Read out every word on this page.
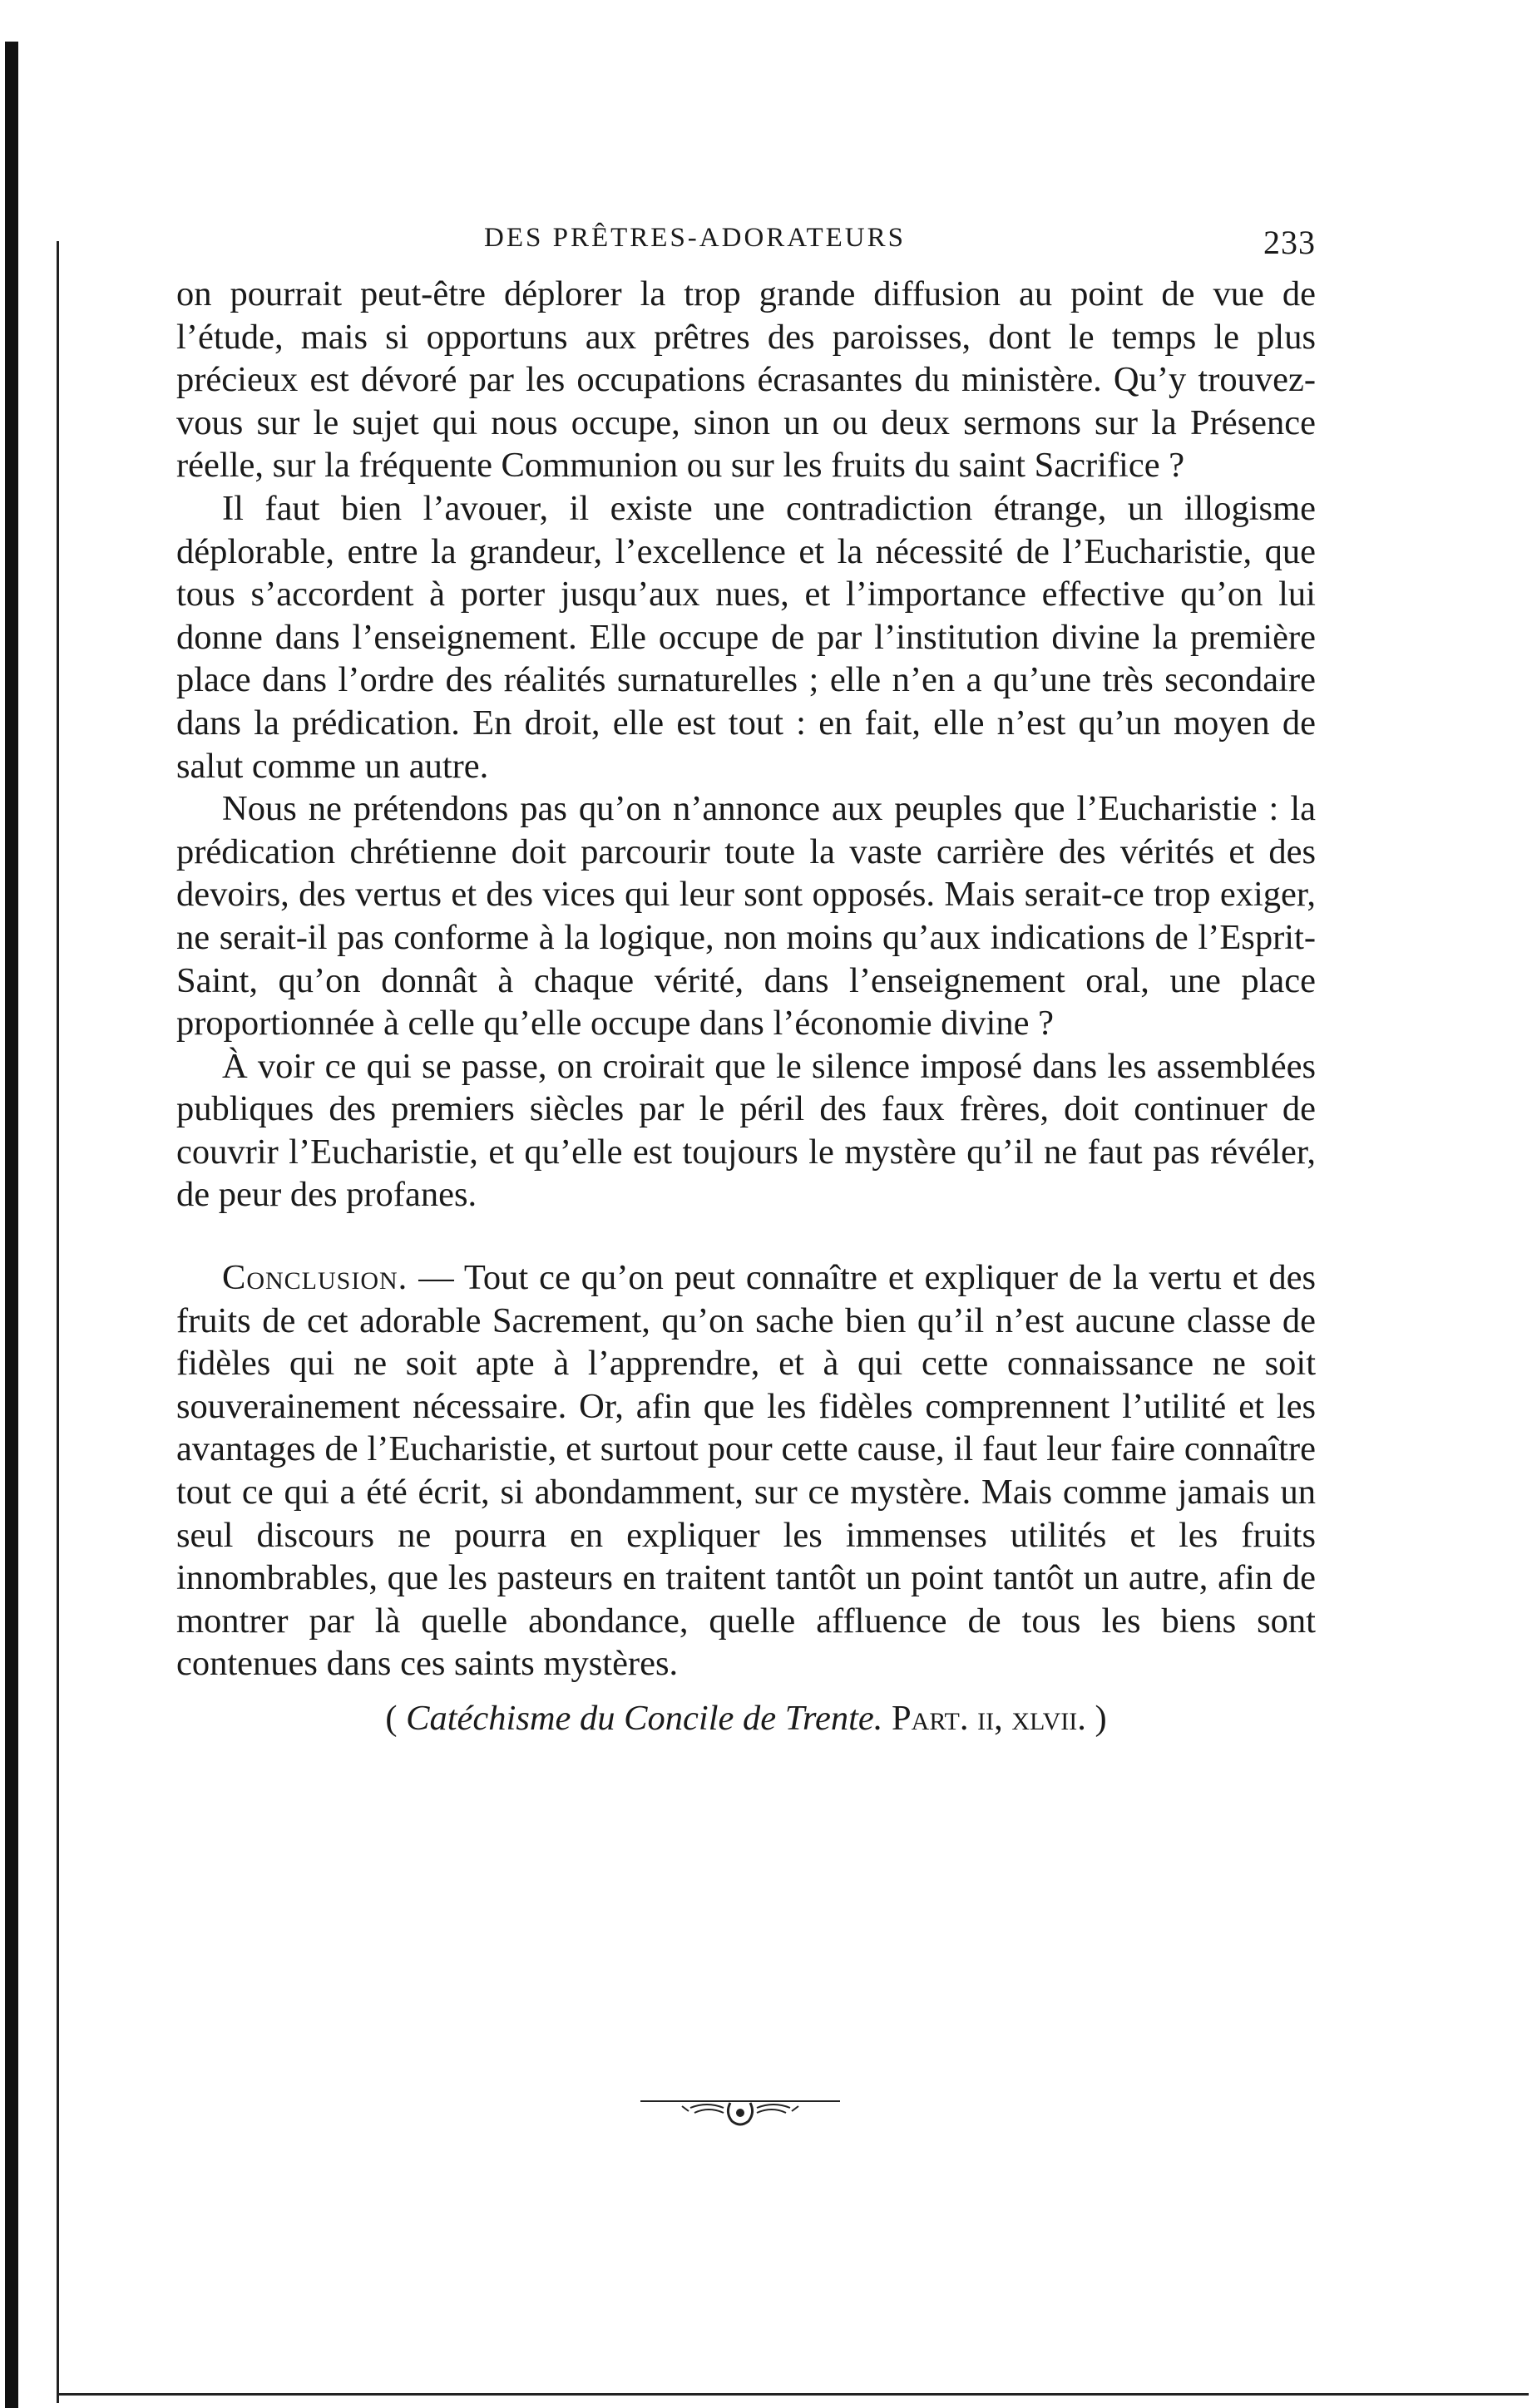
DES PRÊTRES-ADORATEURS	233

on pourrait peut-être déplorer la trop grande diffusion au point de vue de l’étude, mais si opportuns aux prêtres des paroisses, dont le temps le plus précieux est dévoré par les occupations écrasantes du ministère. Qu’y trouvez-vous sur le sujet qui nous occupe, sinon un ou deux sermons sur la Présence réelle, sur la fréquente Communion ou sur les fruits du saint Sacrifice ?

Il faut bien l’avouer, il existe une contradiction étrange, un illogisme déplorable, entre la grandeur, l’excellence et la nécessité de l’Eucharistie, que tous s’accordent à porter jusqu’aux nues, et l’importance effective qu’on lui donne dans l’enseignement. Elle occupe de par l’institution divine la première place dans l’ordre des réalités surnaturelles ; elle n’en a qu’une très secondaire dans la prédication. En droit, elle est tout : en fait, elle n’est qu’un moyen de salut comme un autre.

Nous ne prétendons pas qu’on n’annonce aux peuples que l’Eucharistie : la prédication chrétienne doit parcourir toute la vaste carrière des vérités et des devoirs, des vertus et des vices qui leur sont opposés. Mais serait-ce trop exiger, ne serait-il pas conforme à la logique, non moins qu’aux indications de l’Esprit-Saint, qu’on donnât à chaque vérité, dans l’enseignement oral, une place proportionnée à celle qu’elle occupe dans l’économie divine ?

À voir ce qui se passe, on croirait que le silence imposé dans les assemblées publiques des premiers siècles par le péril des faux frères, doit continuer de couvrir l’Eucharistie, et qu’elle est toujours le mystère qu’il ne faut pas révéler, de peur des profanes.

Conclusion. — Tout ce qu’on peut connaître et expliquer de la vertu et des fruits de cet adorable Sacrement, qu’on sache bien qu’il n’est aucune classe de fidèles qui ne soit apte à l’apprendre, et à qui cette connaissance ne soit souverainement nécessaire. Or, afin que les fidèles comprennent l’utilité et les avantages de l’Eucharistie, et surtout pour cette cause, il faut leur faire connaître tout ce qui a été écrit, si abondamment, sur ce mystère. Mais comme jamais un seul discours ne pourra en expliquer les immenses utilités et les fruits innombrables, que les pasteurs en traitent tantôt un point tantôt un autre, afin de montrer par là quelle abondance, quelle affluence de tous les biens sont contenues dans ces saints mystères.

( Catéchisme du Concile de Trente. Part. ii, xlvii. )
